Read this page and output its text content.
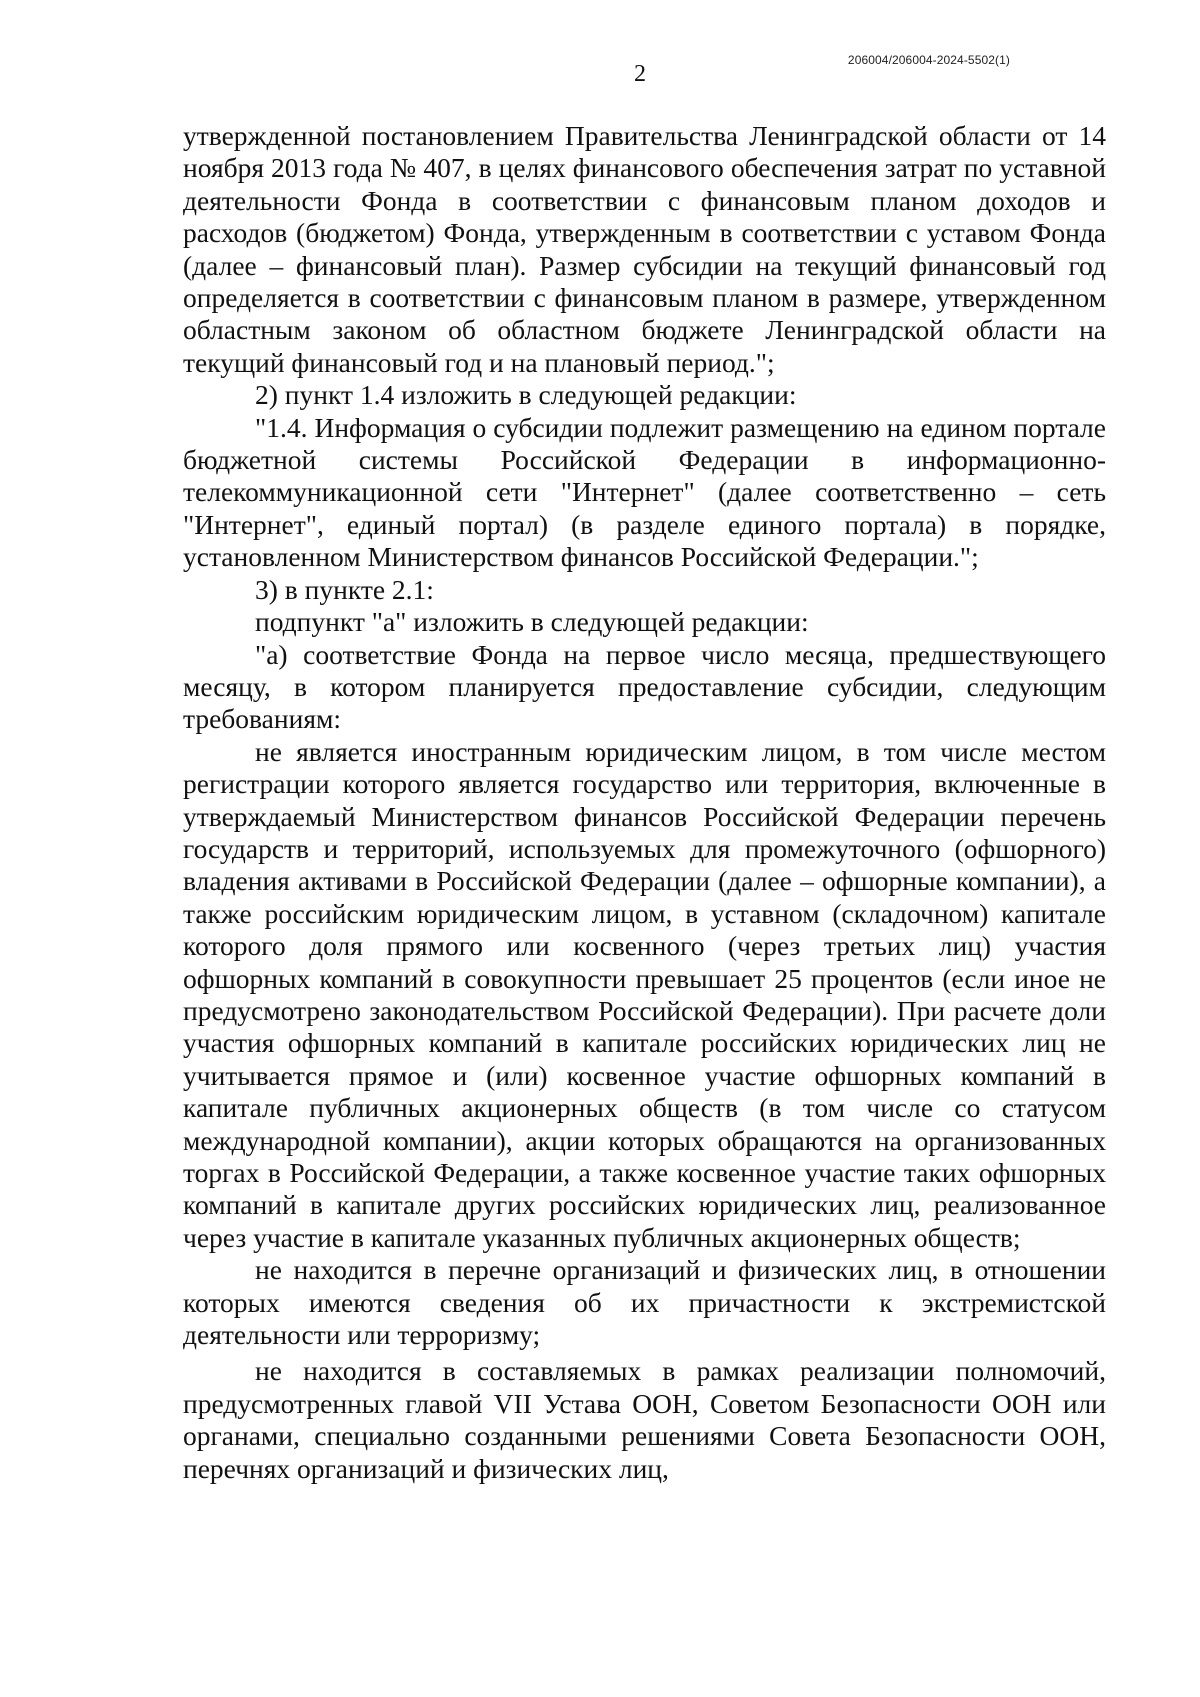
206004/206004-2024-5502(1)
2

утвержденной постановлением Правительства Ленинградской области от 14 ноября 2013 года № 407, в целях финансового обеспечения затрат по уставной деятельности Фонда в соответствии с финансовым планом доходов и расходов (бюджетом) Фонда, утвержденным в соответствии с уставом Фонда (далее – финансовый план). Размер субсидии на текущий финансовый год определяется в соответствии с финансовым планом в размере, утвержденном областным законом об областном бюджете Ленинградской области на текущий финансовый год и на плановый период.";

2) пункт 1.4 изложить в следующей редакции:

"1.4. Информация о субсидии подлежит размещению на едином портале бюджетной системы Российской Федерации в информационно-телекоммуникационной сети "Интернет" (далее соответственно – сеть "Интернет", единый портал) (в разделе единого портала) в порядке, установленном Министерством финансов Российской Федерации.";

3) в пункте 2.1:

подпункт "а" изложить в следующей редакции:

"а) соответствие Фонда на первое число месяца, предшествующего месяцу, в котором планируется предоставление субсидии, следующим требованиям:

не является иностранным юридическим лицом, в том числе местом регистрации которого является государство или территория, включенные в утверждаемый Министерством финансов Российской Федерации перечень государств и территорий, используемых для промежуточного (офшорного) владения активами в Российской Федерации (далее – офшорные компании), а также российским юридическим лицом, в уставном (складочном) капитале которого доля прямого или косвенного (через третьих лиц) участия офшорных компаний в совокупности превышает 25 процентов (если иное не предусмотрено законодательством Российской Федерации). При расчете доли участия офшорных компаний в капитале российских юридических лиц не учитывается прямое и (или) косвенное участие офшорных компаний в капитале публичных акционерных обществ (в том числе со статусом международной компании), акции которых обращаются на организованных торгах в Российской Федерации, а также косвенное участие таких офшорных компаний в капитале других российских юридических лиц, реализованное через участие в капитале указанных публичных акционерных обществ;

не находится в перечне организаций и физических лиц, в отношении которых имеются сведения об их причастности к экстремистской деятельности или терроризму;

не находится в составляемых в рамках реализации полномочий, предусмотренных главой VII Устава ООН, Советом Безопасности ООН или органами, специально созданными решениями Совета Безопасности ООН, перечнях организаций и физических лиц,
